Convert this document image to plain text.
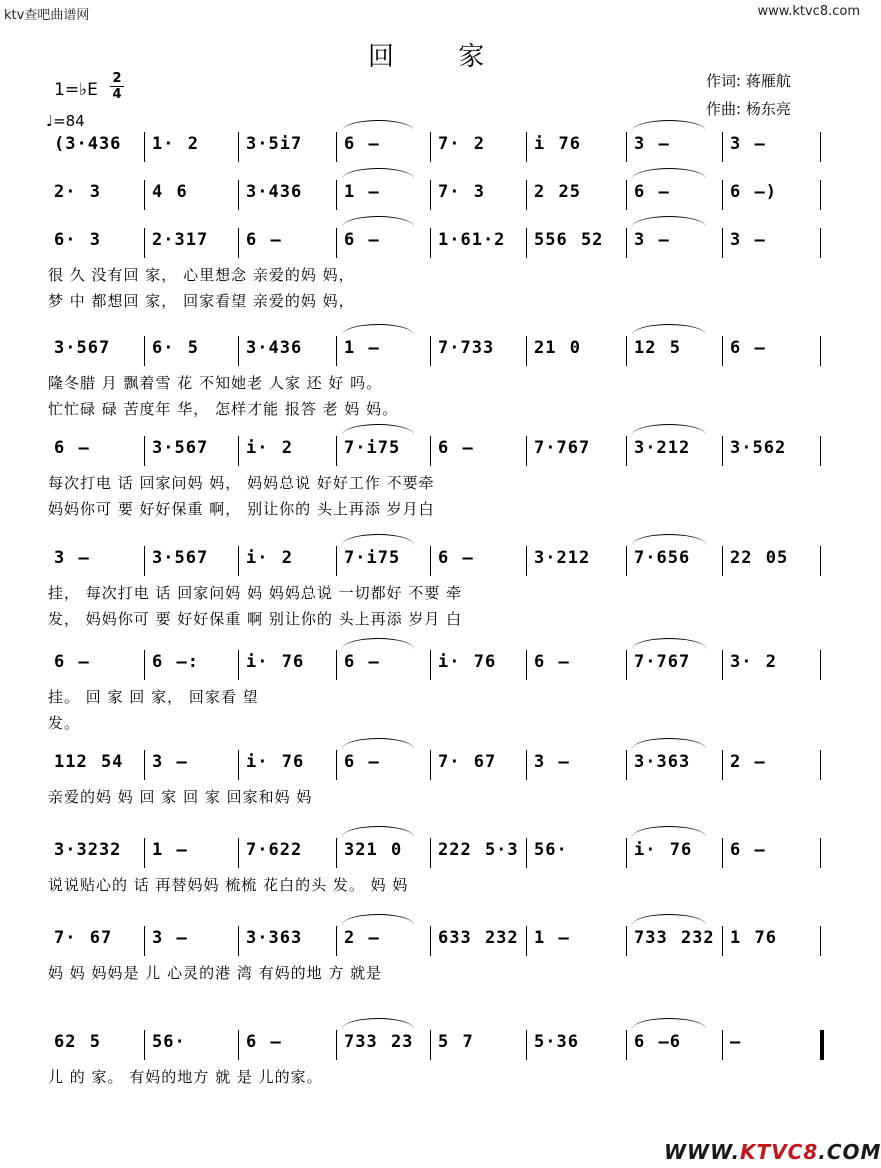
ktv查吧曲谱网	www.ktvc8.com
回 家
作词: 蒋雁航
作曲: 杨东亮
1=♭E
2
4
♩=84
(3·436 1· 2	3·5i7 6 –	7· 2	i 76	3 –	3 –
2· 3	4 6	3·436 1 –	7· 3	2 25	6 –	6 –)
6· 3	2·317 6 –	6 –	1·61·2 556 52 3 –	3 –
很 久 没有回 家， 心里想念 亲爱的妈 妈，
梦 中 都想回 家， 回家看望 亲爱的妈 妈，
3·567 6· 5	3·436 1 –	7·733 21 0	12 5	6 –
隆冬腊 月 飘着雪 花 不知她老 人家 还 好 吗。
忙忙碌 碌 苦度年 华， 怎样才能 报答 老 妈 妈。
6 –	3·567 i· 2	7·i75 6 –	7·767	3·212 3·562
每次打电 话 回家问妈 妈， 妈妈总说 好好工作 不要牵
妈妈你可 要 好好保重 啊， 别让你的 头上再添 岁月白
3 –	3·567 i· 2	7·i75 6 –	3·212	7·656 22 05
挂， 每次打电 话 回家问妈 妈 妈妈总说 一切都好 不要 牵
发， 妈妈你可 要 好好保重 啊 别让你的 头上再添 岁月 白
6 –	6 –:	i· 76 6 –	i· 76 6 –	7·767 3· 2
挂。 回 家 回 家， 回家看 望
发。
112 54 3 –	i· 76 6 –	7· 67 3 –	3·363 2 –
亲爱的妈 妈 回 家 回 家 回家和妈 妈
3·3232 1 –	7·622 321 0 222 5·3 56·	i· 76 6 –
说说贴心的 话 再替妈妈 梳梳 花白的头 发。 妈 妈
7· 67 3 –	3·363 2 –	633 232 1 –	733 232 1 76
妈 妈 妈妈是 儿 心灵的港 湾 有妈的地 方 就是
62 5	56·	6 –	733 23 5 7	5·36	6 –6	–
儿 的 家。 有妈的地方 就 是 儿的家。
WWW.KTVC8.COM
